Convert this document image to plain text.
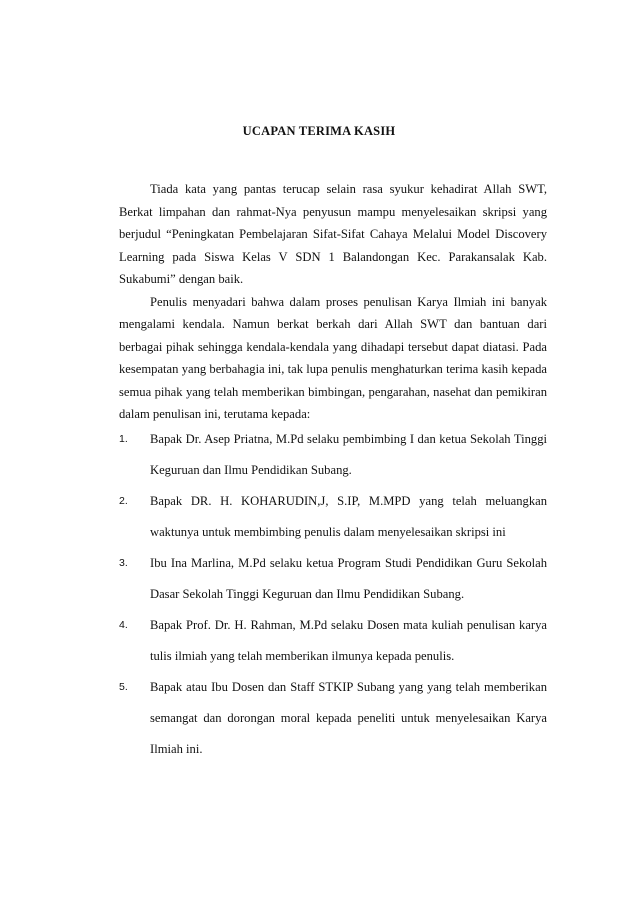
UCAPAN TERIMA KASIH

Tiada kata yang pantas terucap selain rasa syukur kehadirat Allah SWT, Berkat limpahan dan rahmat-Nya penyusun mampu menyelesaikan skripsi yang berjudul “Peningkatan Pembelajaran Sifat-Sifat Cahaya Melalui Model Discovery Learning pada Siswa Kelas V SDN 1 Balandongan Kec. Parakansalak Kab. Sukabumi” dengan baik.

Penulis menyadari bahwa dalam proses penulisan Karya Ilmiah ini banyak mengalami kendala. Namun berkat berkah dari Allah SWT dan bantuan dari berbagai pihak sehingga kendala-kendala yang dihadapi tersebut dapat diatasi. Pada kesempatan yang berbahagia ini, tak lupa penulis menghaturkan terima kasih kepada semua pihak yang telah memberikan bimbingan, pengarahan, nasehat dan pemikiran dalam penulisan ini, terutama kepada:

1. Bapak Dr. Asep Priatna, M.Pd selaku pembimbing I dan ketua Sekolah Tinggi Keguruan dan Ilmu Pendidikan Subang.
2. Bapak DR. H. KOHARUDIN,J, S.IP, M.MPD yang telah meluangkan waktunya untuk membimbing penulis dalam menyelesaikan skripsi ini
3. Ibu Ina Marlina, M.Pd selaku ketua Program Studi Pendidikan Guru Sekolah Dasar Sekolah Tinggi Keguruan dan Ilmu Pendidikan Subang.
4. Bapak Prof. Dr. H. Rahman, M.Pd selaku Dosen mata kuliah penulisan karya tulis ilmiah yang telah memberikan ilmunya kepada penulis.
5. Bapak atau Ibu Dosen dan Staff STKIP Subang yang yang telah memberikan semangat dan dorongan moral kepada peneliti untuk menyelesaikan Karya Ilmiah ini.
